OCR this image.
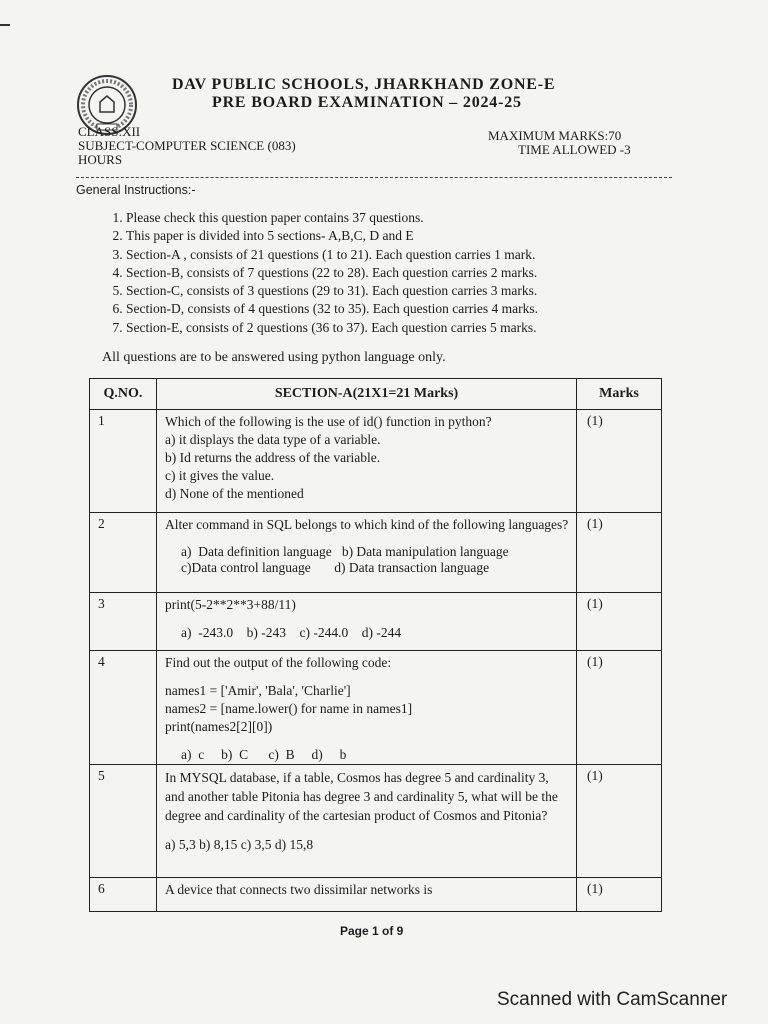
DAV PUBLIC SCHOOLS, JHARKHAND ZONE-E
PRE BOARD EXAMINATION – 2024-25
CLASS:XII
SUBJECT-COMPUTER SCIENCE (083)
HOURS
MAXIMUM MARKS:70
TIME ALLOWED -3
General Instructions:-
1. Please check this question paper contains 37 questions.
2. This paper is divided into 5 sections- A,B,C, D and E
3. Section-A , consists of 21 questions (1 to 21). Each question carries 1 mark.
4. Section-B, consists of 7 questions (22 to 28). Each question carries 2 marks.
5. Section-C, consists of 3 questions (29 to 31). Each question carries 3 marks.
6. Section-D, consists of 4 questions (32 to 35). Each question carries 4 marks.
7. Section-E, consists of 2 questions (36 to 37). Each question carries 5 marks.
All questions are to be answered using python language only.
Q.NO.	SECTION-A(21X1=21 Marks)	Marks
1	Which of the following is the use of id() function in python?
a) it displays the data type of a variable.
b) Id returns the address of the variable.
c) it gives the value.
d) None of the mentioned	(1)
2	Alter command in SQL belongs to which kind of the following languages?
a)  Data definition language   b) Data manipulation language
c)Data control language       d) Data transaction language	(1)
3	print(5-2**2**3+88/11)
a)  -243.0    b) -243    c) -244.0    d) -244	(1)
4	Find out the output of the following code:
names1 = ['Amir', 'Bala', 'Charlie']
names2 = [name.lower() for name in names1]
print(names2[2][0])
a)  c     b)  C      c)  B     d)     b	(1)
5	In MYSQL database, if a table, Cosmos has degree 5 and cardinality 3, and another table Pitonia has degree 3 and cardinality 5, what will be the degree and cardinality of the cartesian product of Cosmos and Pitonia?
a) 5,3 b) 8,15 c) 3,5 d) 15,8	(1)
6	A device that connects two dissimilar networks is	(1)
Page 1 of 9
Scanned with CamScanner
